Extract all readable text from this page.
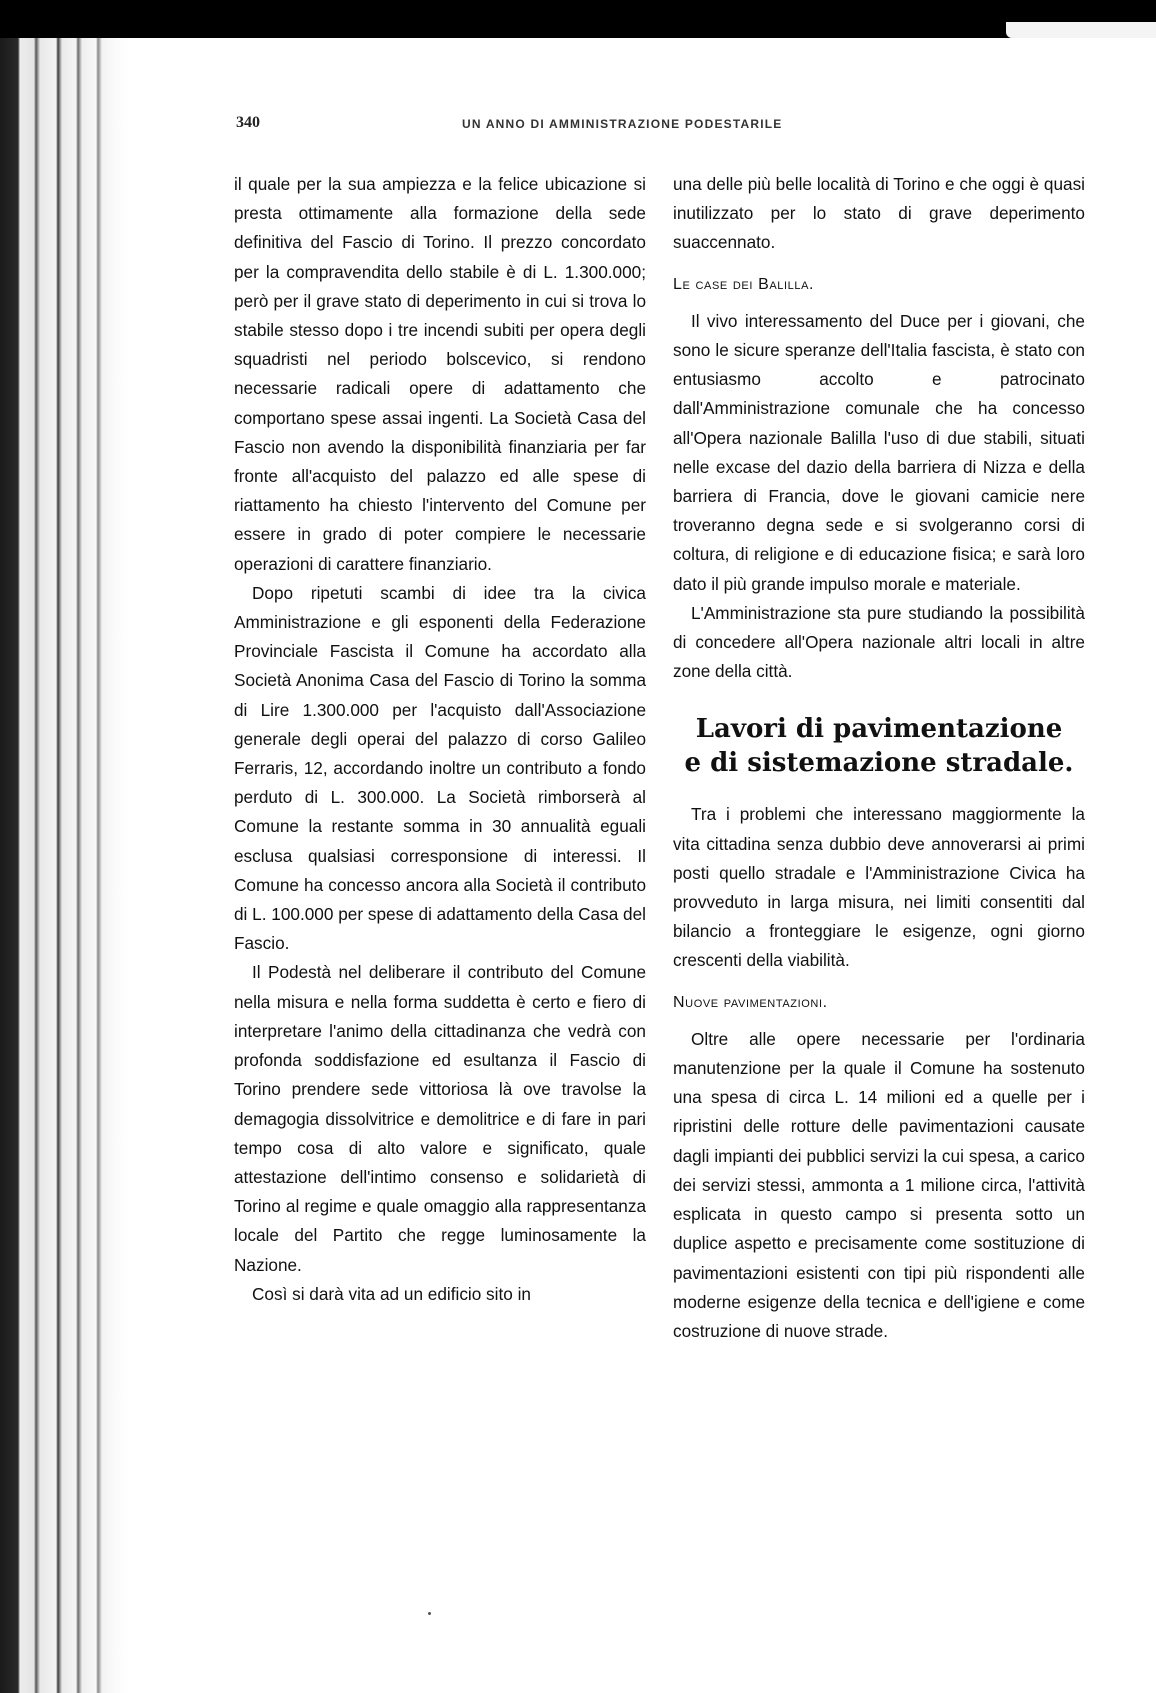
340	UN ANNO DI AMMINISTRAZIONE PODESTARILE

il quale per la sua ampiezza e la felice ubicazione si presta ottimamente alla formazione della sede definitiva del Fascio di Torino. Il prezzo concordato per la compravendita dello stabile è di L. 1.300.000; però per il grave stato di deperimento in cui si trova lo stabile stesso dopo i tre incendi subiti per opera degli squadristi nel periodo bolscevico, si rendono necessarie radicali opere di adattamento che comportano spese assai ingenti. La Società Casa del Fascio non avendo la disponibilità finanziaria per far fronte all'acquisto del palazzo ed alle spese di riattamento ha chiesto l'intervento del Comune per essere in grado di poter compiere le necessarie operazioni di carattere finanziario.

Dopo ripetuti scambi di idee tra la civica Amministrazione e gli esponenti della Federazione Provinciale Fascista il Comune ha accordato alla Società Anonima Casa del Fascio di Torino la somma di Lire 1.300.000 per l'acquisto dall'Associazione generale degli operai del palazzo di corso Galileo Ferraris, 12, accordando inoltre un contributo a fondo perduto di L. 300.000. La Società rimborserà al Comune la restante somma in 30 annualità eguali esclusa qualsiasi corresponsione di interessi. Il Comune ha concesso ancora alla Società il contributo di L. 100.000 per spese di adattamento della Casa del Fascio.

Il Podestà nel deliberare il contributo del Comune nella misura e nella forma suddetta è certo e fiero di interpretare l'animo della cittadinanza che vedrà con profonda soddisfazione ed esultanza il Fascio di Torino prendere sede vittoriosa là ove travolse la demagogia dissolvitrice e demolitrice e di fare in pari tempo cosa di alto valore e significato, quale attestazione dell'intimo consenso e solidarietà di Torino al regime e quale omaggio alla rappresentanza locale del Partito che regge luminosamente la Nazione.

Così si darà vita ad un edificio sito in

una delle più belle località di Torino e che oggi è quasi inutilizzato per lo stato di grave deperimento suaccennato.

Le case dei Balilla.

Il vivo interessamento del Duce per i giovani, che sono le sicure speranze dell'Italia fascista, è stato con entusiasmo accolto e patrocinato dall'Amministrazione comunale che ha concesso all'Opera nazionale Balilla l'uso di due stabili, situati nelle excase del dazio della barriera di Nizza e della barriera di Francia, dove le giovani camicie nere troveranno degna sede e si svolgeranno corsi di coltura, di religione e di educazione fisica; e sarà loro dato il più grande impulso morale e materiale.

L'Amministrazione sta pure studiando la possibilità di concedere all'Opera nazionale altri locali in altre zone della città.

Lavori di pavimentazione
e di sistemazione stradale.

Tra i problemi che interessano maggiormente la vita cittadina senza dubbio deve annoverarsi ai primi posti quello stradale e l'Amministrazione Civica ha provveduto in larga misura, nei limiti consentiti dal bilancio a fronteggiare le esigenze, ogni giorno crescenti della viabilità.

Nuove pavimentazioni.

Oltre alle opere necessarie per l'ordinaria manutenzione per la quale il Comune ha sostenuto una spesa di circa L. 14 milioni ed a quelle per i ripristini delle rotture delle pavimentazioni causate dagli impianti dei pubblici servizi la cui spesa, a carico dei servizi stessi, ammonta a 1 milione circa, l'attività esplicata in questo campo si presenta sotto un duplice aspetto e precisamente come sostituzione di pavimentazioni esistenti con tipi più rispondenti alle moderne esigenze della tecnica e dell'igiene e come costruzione di nuove strade.
